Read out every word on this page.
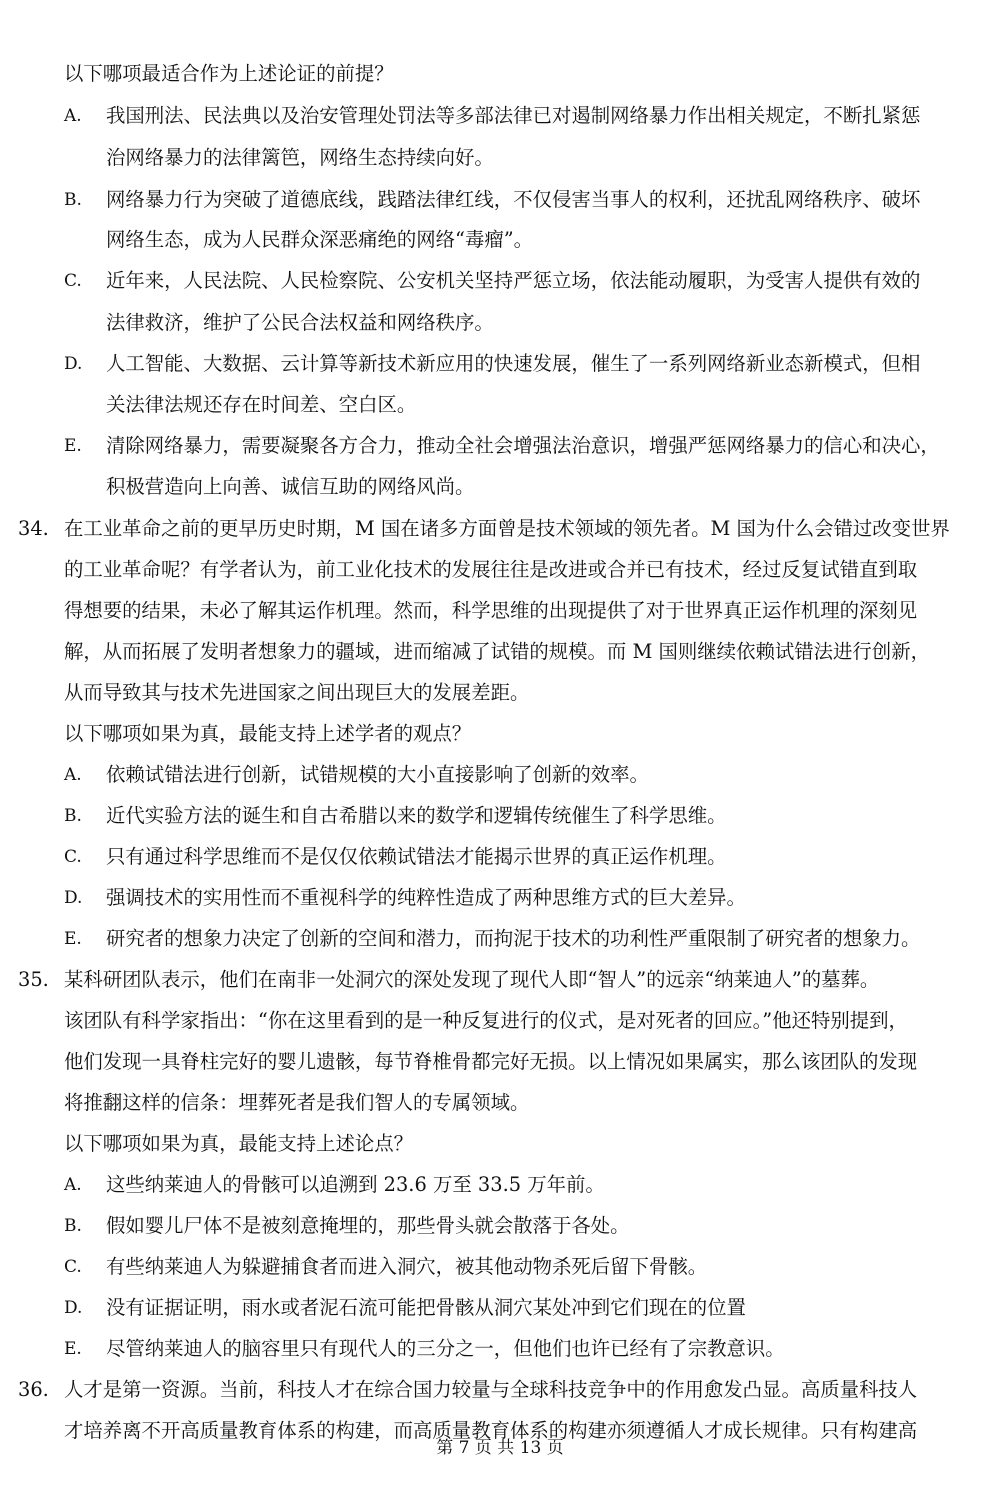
以下哪项最适合作为上述论证的前提？
A. 我国刑法、民法典以及治安管理处罚法等多部法律已对遏制网络暴力作出相关规定，不断扎紧惩
治网络暴力的法律篱笆，网络生态持续向好。
B. 网络暴力行为突破了道德底线，践踏法律红线，不仅侵害当事人的权利，还扰乱网络秩序、破坏
网络生态，成为人民群众深恶痛绝的网络“毒瘤”。
C. 近年来，人民法院、人民检察院、公安机关坚持严惩立场，依法能动履职，为受害人提供有效的
法律救济，维护了公民合法权益和网络秩序。
D. 人工智能、大数据、云计算等新技术新应用的快速发展，催生了一系列网络新业态新模式，但相
关法律法规还存在时间差、空白区。
E. 清除网络暴力，需要凝聚各方合力，推动全社会增强法治意识，增强严惩网络暴力的信心和决心，
积极营造向上向善、诚信互助的网络风尚。
34. 在工业革命之前的更早历史时期，M 国在诸多方面曾是技术领域的领先者。M 国为什么会错过改变世界
的工业革命呢？有学者认为，前工业化技术的发展往往是改进或合并已有技术，经过反复试错直到取
得想要的结果，未必了解其运作机理。然而，科学思维的出现提供了对于世界真正运作机理的深刻见
解，从而拓展了发明者想象力的疆域，进而缩减了试错的规模。而 M 国则继续依赖试错法进行创新，
从而导致其与技术先进国家之间出现巨大的发展差距。
以下哪项如果为真，最能支持上述学者的观点？
A. 依赖试错法进行创新，试错规模的大小直接影响了创新的效率。
B. 近代实验方法的诞生和自古希腊以来的数学和逻辑传统催生了科学思维。
C. 只有通过科学思维而不是仅仅依赖试错法才能揭示世界的真正运作机理。
D. 强调技术的实用性而不重视科学的纯粹性造成了两种思维方式的巨大差异。
E. 研究者的想象力决定了创新的空间和潜力，而拘泥于技术的功利性严重限制了研究者的想象力。
35. 某科研团队表示，他们在南非一处洞穴的深处发现了现代人即“智人”的远亲“纳莱迪人”的墓葬。
该团队有科学家指出：“你在这里看到的是一种反复进行的仪式，是对死者的回应。”他还特别提到，
他们发现一具脊柱完好的婴儿遗骸，每节脊椎骨都完好无损。以上情况如果属实，那么该团队的发现
将推翻这样的信条：埋葬死者是我们智人的专属领域。
以下哪项如果为真，最能支持上述论点？
A. 这些纳莱迪人的骨骸可以追溯到 23.6 万至 33.5 万年前。
B. 假如婴儿尸体不是被刻意掩埋的，那些骨头就会散落于各处。
C. 有些纳莱迪人为躲避捕食者而进入洞穴，被其他动物杀死后留下骨骸。
D. 没有证据证明，雨水或者泥石流可能把骨骸从洞穴某处冲到它们现在的位置
E. 尽管纳莱迪人的脑容里只有现代人的三分之一，但他们也许已经有了宗教意识。
36. 人才是第一资源。当前，科技人才在综合国力较量与全球科技竞争中的作用愈发凸显。高质量科技人
才培养离不开高质量教育体系的构建，而高质量教育体系的构建亦须遵循人才成长规律。只有构建高
第 7 页 共 13 页
